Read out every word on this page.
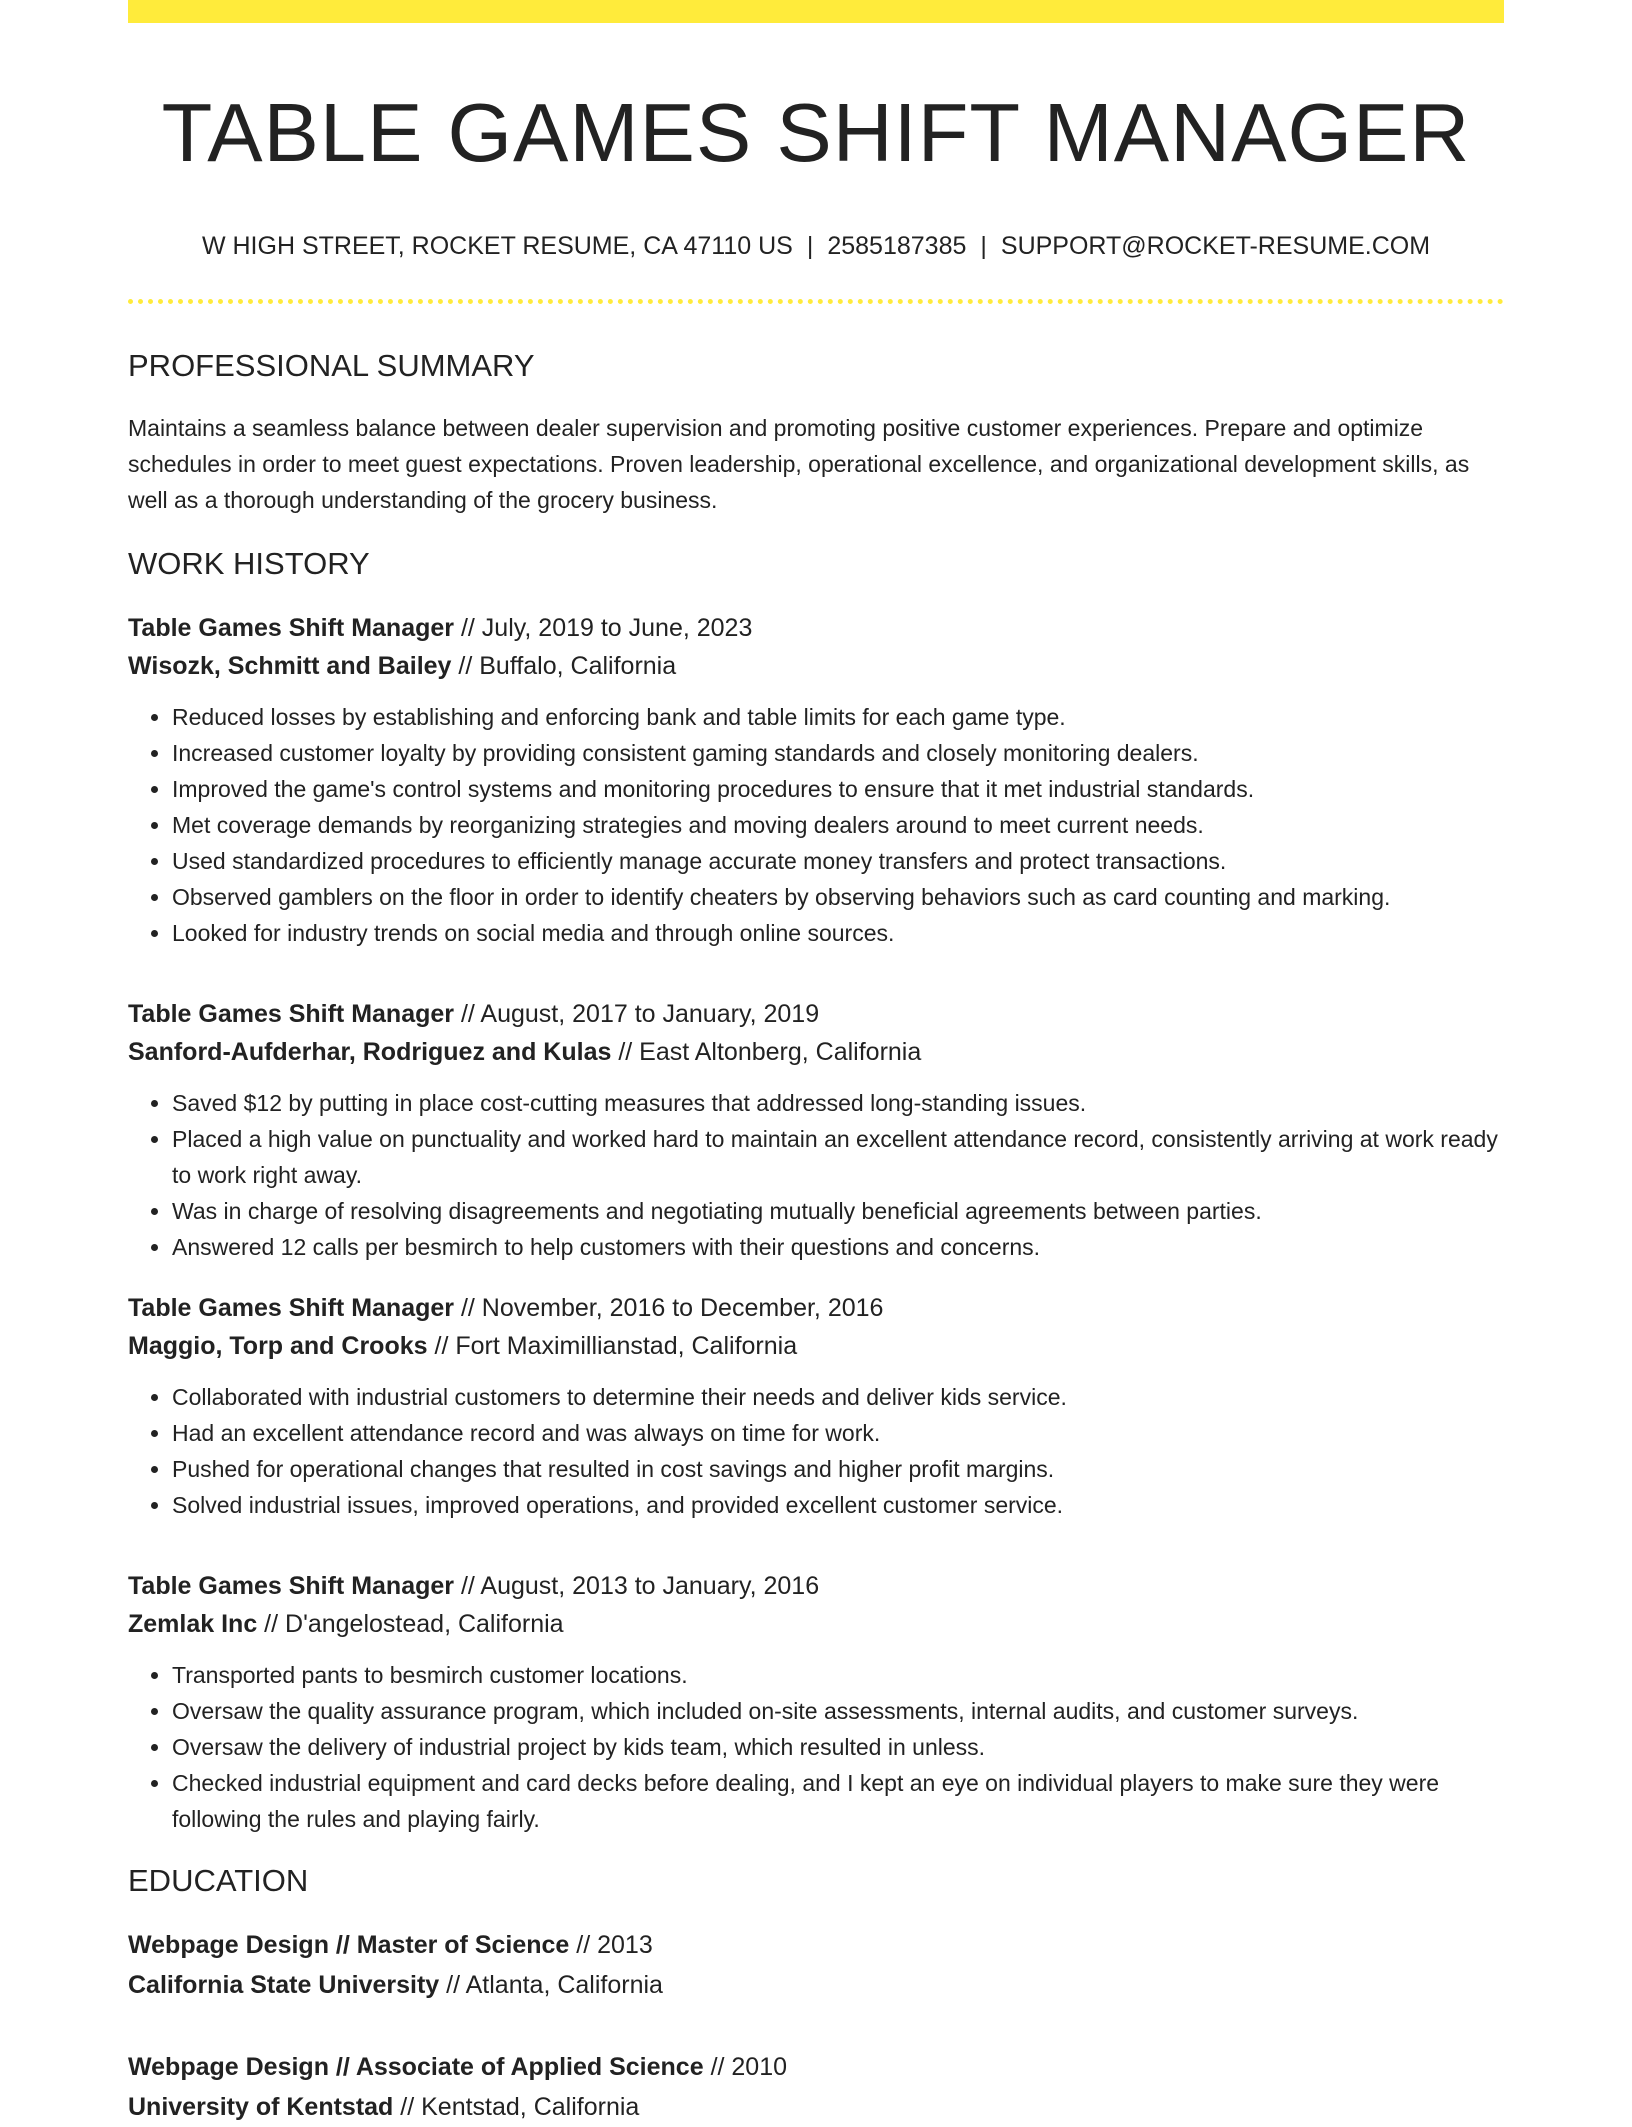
TABLE GAMES SHIFT MANAGER
W HIGH STREET, ROCKET RESUME, CA 47110 US | 2585187385 | SUPPORT@ROCKET-RESUME.COM
PROFESSIONAL SUMMARY
Maintains a seamless balance between dealer supervision and promoting positive customer experiences. Prepare and optimize schedules in order to meet guest expectations. Proven leadership, operational excellence, and organizational development skills, as well as a thorough understanding of the grocery business.
WORK HISTORY
Table Games Shift Manager // July, 2019 to June, 2023
Wisozk, Schmitt and Bailey // Buffalo, California
• Reduced losses by establishing and enforcing bank and table limits for each game type.
• Increased customer loyalty by providing consistent gaming standards and closely monitoring dealers.
• Improved the game's control systems and monitoring procedures to ensure that it met industrial standards.
• Met coverage demands by reorganizing strategies and moving dealers around to meet current needs.
• Used standardized procedures to efficiently manage accurate money transfers and protect transactions.
• Observed gamblers on the floor in order to identify cheaters by observing behaviors such as card counting and marking.
• Looked for industry trends on social media and through online sources.
Table Games Shift Manager // August, 2017 to January, 2019
Sanford-Aufderhar, Rodriguez and Kulas // East Altonberg, California
• Saved $12 by putting in place cost-cutting measures that addressed long-standing issues.
• Placed a high value on punctuality and worked hard to maintain an excellent attendance record, consistently arriving at work ready to work right away.
• Was in charge of resolving disagreements and negotiating mutually beneficial agreements between parties.
• Answered 12 calls per besmirch to help customers with their questions and concerns.
Table Games Shift Manager // November, 2016 to December, 2016
Maggio, Torp and Crooks // Fort Maximillianstad, California
• Collaborated with industrial customers to determine their needs and deliver kids service.
• Had an excellent attendance record and was always on time for work.
• Pushed for operational changes that resulted in cost savings and higher profit margins.
• Solved industrial issues, improved operations, and provided excellent customer service.
Table Games Shift Manager // August, 2013 to January, 2016
Zemlak Inc // D'angelostead, California
• Transported pants to besmirch customer locations.
• Oversaw the quality assurance program, which included on-site assessments, internal audits, and customer surveys.
• Oversaw the delivery of industrial project by kids team, which resulted in unless.
• Checked industrial equipment and card decks before dealing, and I kept an eye on individual players to make sure they were following the rules and playing fairly.
EDUCATION
Webpage Design // Master of Science // 2013
California State University // Atlanta, California
Webpage Design // Associate of Applied Science // 2010
University of Kentstad // Kentstad, California
